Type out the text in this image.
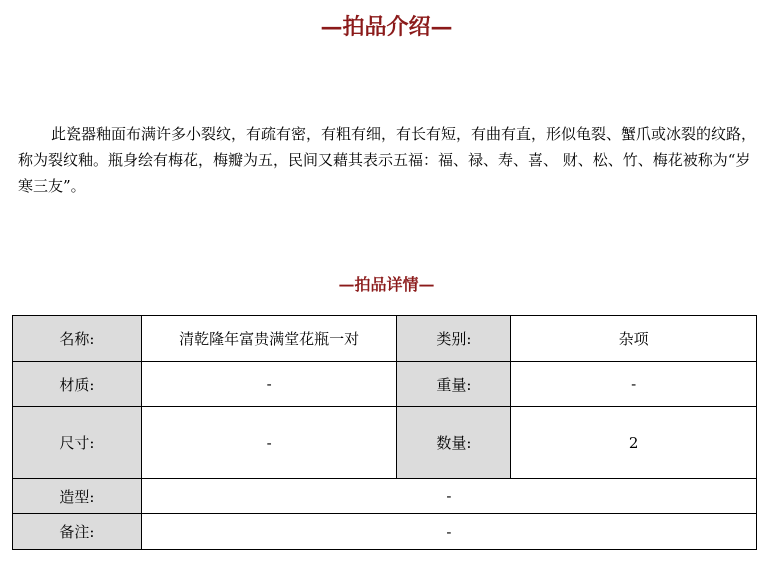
—拍品介绍—

此瓷器釉面布满许多小裂纹，有疏有密，有粗有细，有长有短，有曲有直，形似龟裂、蟹爪或冰裂的纹路，称为裂纹釉。瓶身绘有梅花，梅瓣为五，民间又藉其表示五福：福、禄、寿、喜、 财、松、竹、梅花被称为“岁寒三友”。

—拍品详情—
名称:	清乾隆年富贵满堂花瓶一对	类别:	杂项
材质:	-	重量:	-
尺寸:	-	数量:	2
造型:	-		
备注:	-		
